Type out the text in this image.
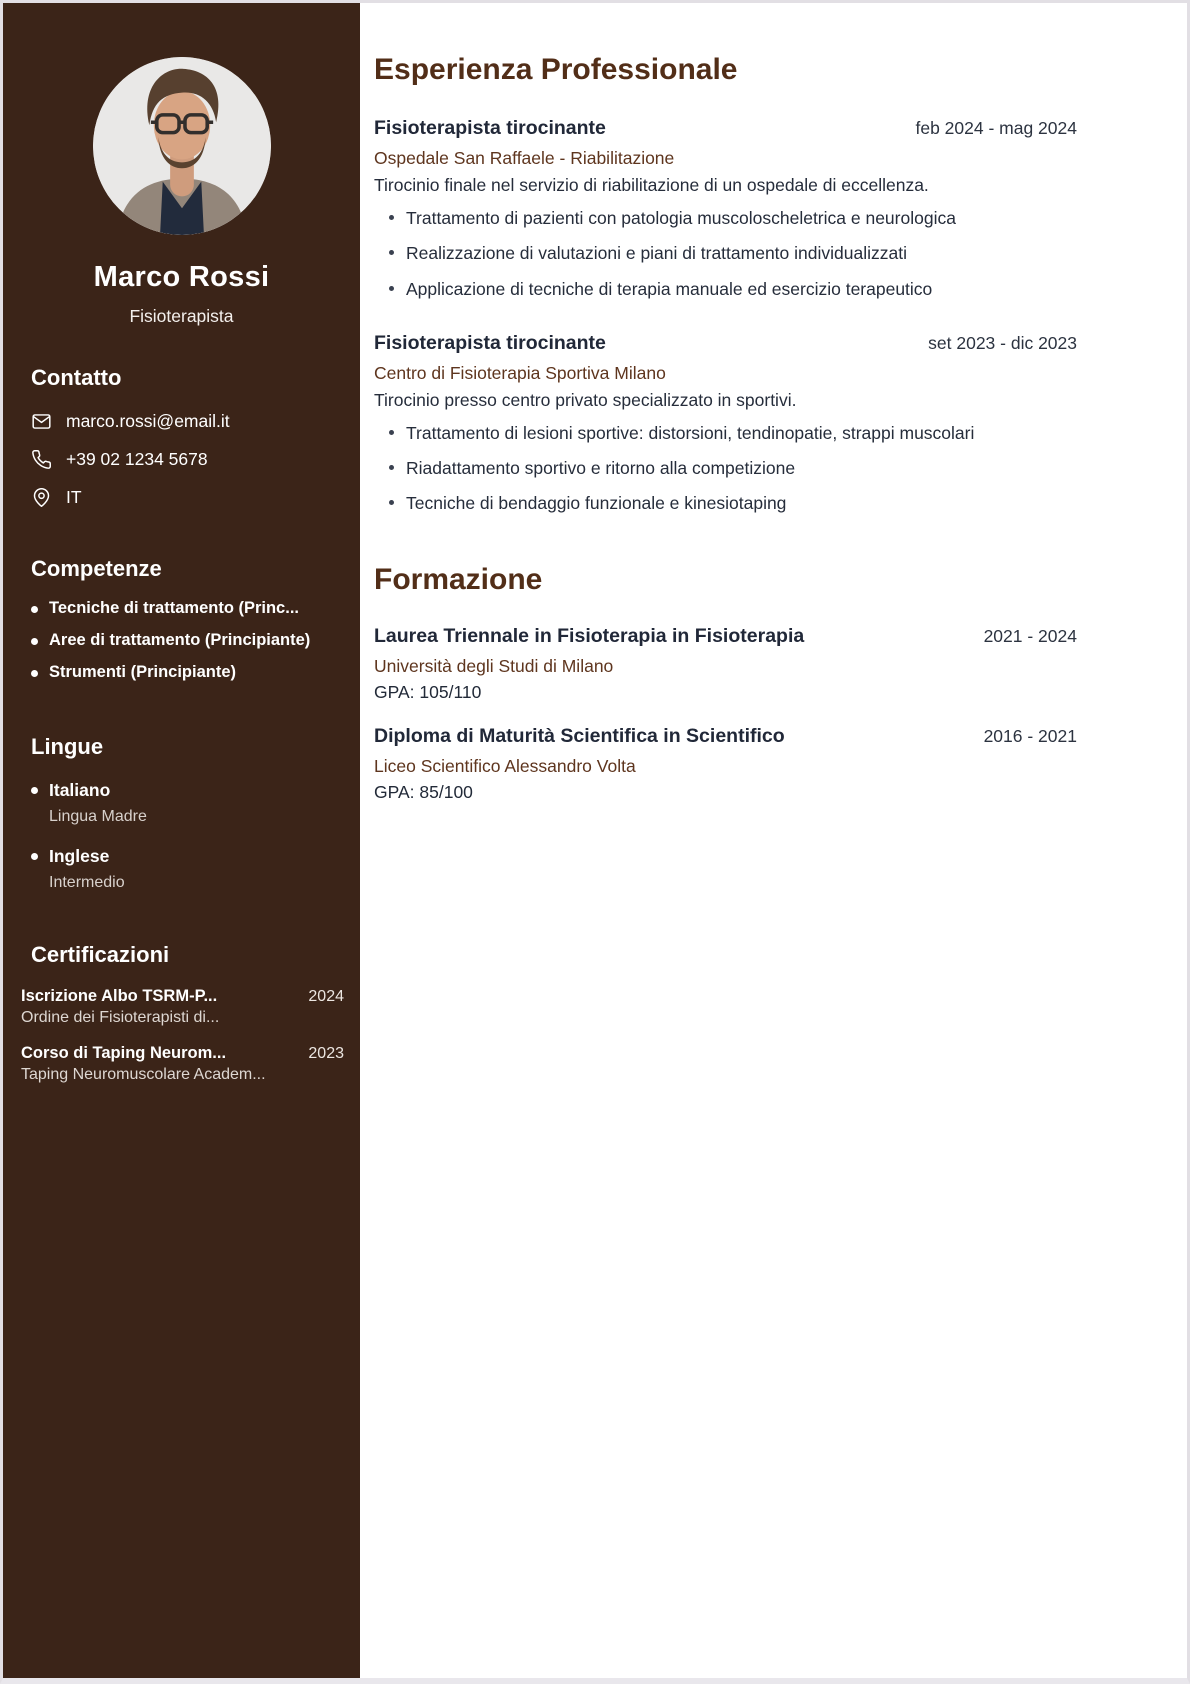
Marco Rossi
Fisioterapista
Contatto
marco.rossi@email.it
+39 02 1234 5678
IT
Competenze
Tecniche di trattamento (Princ...
Aree di trattamento (Principiante)
Strumenti (Principiante)
Lingue
Italiano
Lingua Madre
Inglese
Intermedio
Certificazioni
Iscrizione Albo TSRM-P...	2024
Ordine dei Fisioterapisti di...
Corso di Taping Neurom...	2023
Taping Neuromuscolare Academ...
Esperienza Professionale
Fisioterapista tirocinante	feb 2024 - mag 2024
Ospedale San Raffaele - Riabilitazione
Tirocinio finale nel servizio di riabilitazione di un ospedale di eccellenza.
Trattamento di pazienti con patologia muscoloscheletrica e neurologica
Realizzazione di valutazioni e piani di trattamento individualizzati
Applicazione di tecniche di terapia manuale ed esercizio terapeutico
Fisioterapista tirocinante	set 2023 - dic 2023
Centro di Fisioterapia Sportiva Milano
Tirocinio presso centro privato specializzato in sportivi.
Trattamento di lesioni sportive: distorsioni, tendinopatie, strappi muscolari
Riadattamento sportivo e ritorno alla competizione
Tecniche di bendaggio funzionale e kinesiotaping
Formazione
Laurea Triennale in Fisioterapia in Fisioterapia	2021 - 2024
Università degli Studi di Milano
GPA: 105/110
Diploma di Maturità Scientifica in Scientifico	2016 - 2021
Liceo Scientifico Alessandro Volta
GPA: 85/100
